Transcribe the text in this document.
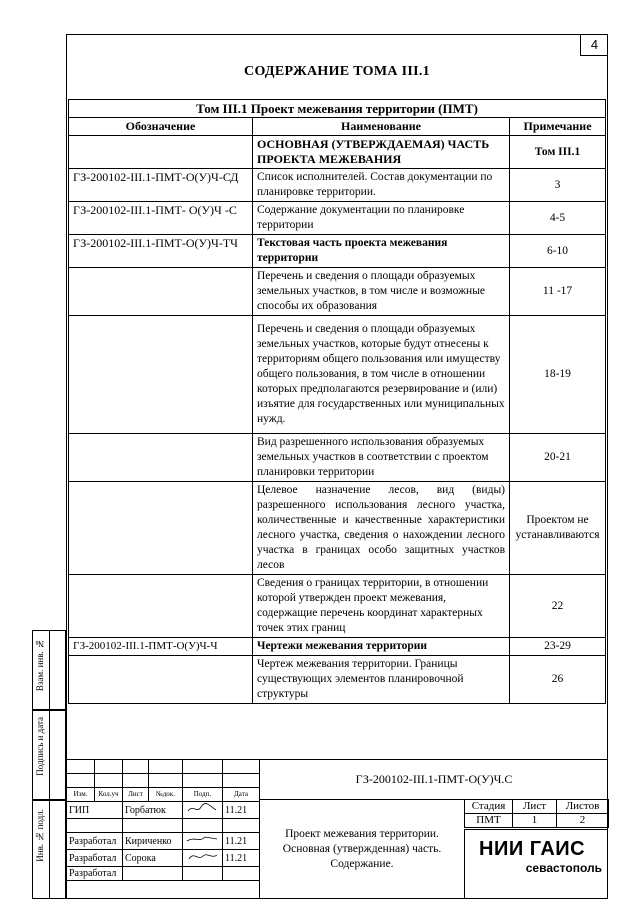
4
СОДЕРЖАНИЕ ТОМА III.1
Том III.1 Проект межевания территории (ПМТ)		
Обозначение	Наименование	Примечание
	ОСНОВНАЯ (УТВЕРЖДАЕМАЯ) ЧАСТЬ ПРОЕКТА МЕЖЕВАНИЯ	Том III.1
ГЗ-200102-III.1-ПМТ-О(У)Ч-СД	Список исполнителей. Состав документации по планировке территории.	3
ГЗ-200102-III.1-ПМТ- О(У)Ч -С	Содержание документации по планировке территории	4-5
ГЗ-200102-III.1-ПМТ-О(У)Ч-ТЧ	Текстовая часть проекта межевания территории	6-10
	Перечень и сведения о площади образуемых земельных участков, в том числе и возможные способы их образования	11 -17
	Перечень и сведения о площади образуемых земельных участков, которые будут отнесены к территориям общего пользования или имуществу общего пользования, в том числе в отношении которых предполагаются резервирование и (или) изъятие для государственных или муниципальных нужд.	18-19
	Вид разрешенного использования образуемых земельных участков в соответствии с проектом планировки территории	20-21
	Целевое назначение лесов, вид (виды) разрешенного использования лесного участка, количественные и качественные характеристики лесного участка, сведения о нахождении лесного участка в границах особо защитных участков лесов	Проектом не устанавливаются
	Сведения о границах территории, в отношении которой утвержден проект межевания, содержащие перечень координат характерных точек этих границ	22
ГЗ-200102-III.1-ПМТ-О(У)Ч-Ч	Чертежи межевания территории	23-29
	Чертеж межевания территории. Границы существующих элементов планировочной структуры	26
Взам. инв. №
Подпись и дата
Инв. № подл.

Изм.	Кол.уч	Лист	№док.	Подп.	Дата
ГИП	Горбатюк		11.21

Разработал	Кириченко		11.21
Разработал	Сорока		11.21
Разработал			
ГЗ-200102-III.1-ПМТ-О(У)Ч.С
Проект межевания территории. Основная (утвержденная) часть. Содержание.
Стадия	Лист	Листов
ПМТ	1	2
НИИ ГАИС
севастополь
